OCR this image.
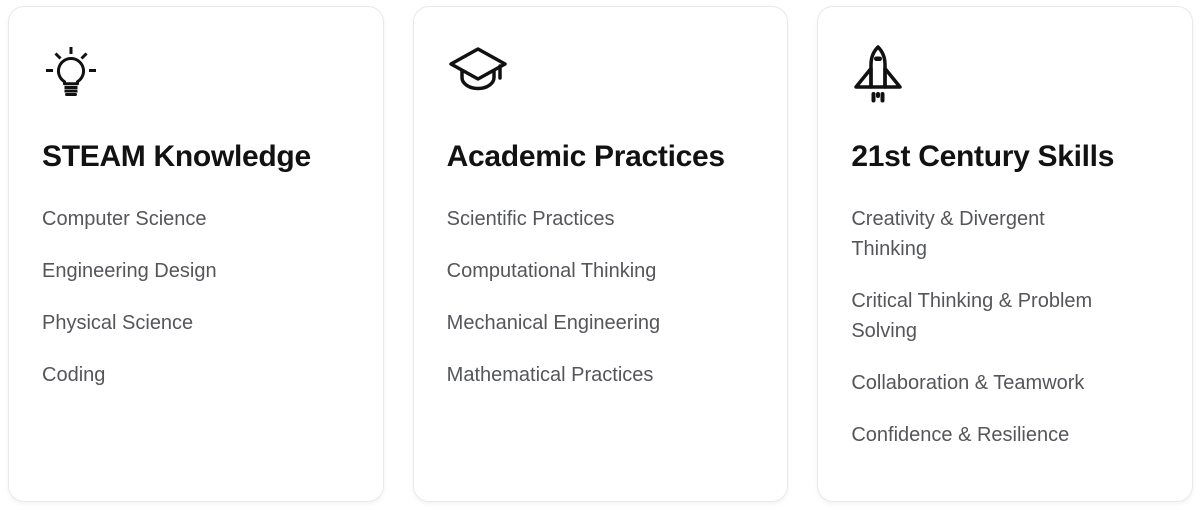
STEAM Knowledge
Computer Science
Engineering Design
Physical Science
Coding
Academic Practices
Scientific Practices
Computational Thinking
Mechanical Engineering
Mathematical Practices
21st Century Skills
Creativity & Divergent Thinking
Critical Thinking & Problem Solving
Collaboration & Teamwork
Confidence & Resilience
